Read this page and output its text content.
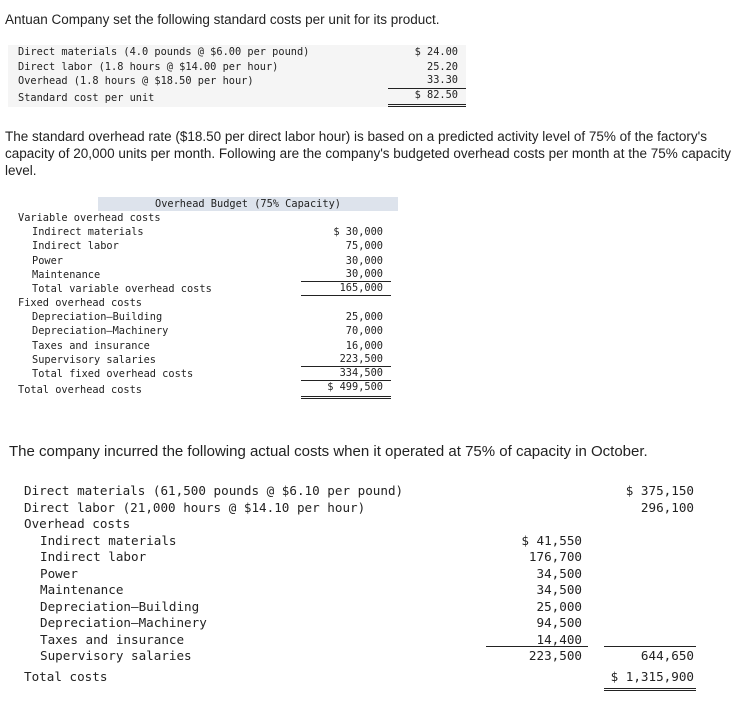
Antuan Company set the following standard costs per unit for its product.
Direct materials (4.0 pounds @ $6.00 per pound)	$ 24.00
Direct labor (1.8 hours @ $14.00 per hour)	25.20
Overhead (1.8 hours @ $18.50 per hour)	33.30
Standard cost per unit	$ 82.50
The standard overhead rate ($18.50 per direct labor hour) is based on a predicted activity level of 75% of the factory's capacity of 20,000 units per month. Following are the company's budgeted overhead costs per month at the 75% capacity level.
Overhead Budget (75% Capacity)
Variable overhead costs
Indirect materials	$ 30,000
Indirect labor	75,000
Power	30,000
Maintenance	30,000
Total variable overhead costs	165,000
Fixed overhead costs
Depreciation—Building	25,000
Depreciation—Machinery	70,000
Taxes and insurance	16,000
Supervisory salaries	223,500
Total fixed overhead costs	334,500
Total overhead costs	$ 499,500
The company incurred the following actual costs when it operated at 75% of capacity in October.
Direct materials (61,500 pounds @ $6.10 per pound)	$ 375,150
Direct labor (21,000 hours @ $14.10 per hour)	296,100
Overhead costs
Indirect materials	$ 41,550
Indirect labor	176,700
Power	34,500
Maintenance	34,500
Depreciation—Building	25,000
Depreciation—Machinery	94,500
Taxes and insurance	14,400
Supervisory salaries	223,500	644,650
Total costs	$ 1,315,900
